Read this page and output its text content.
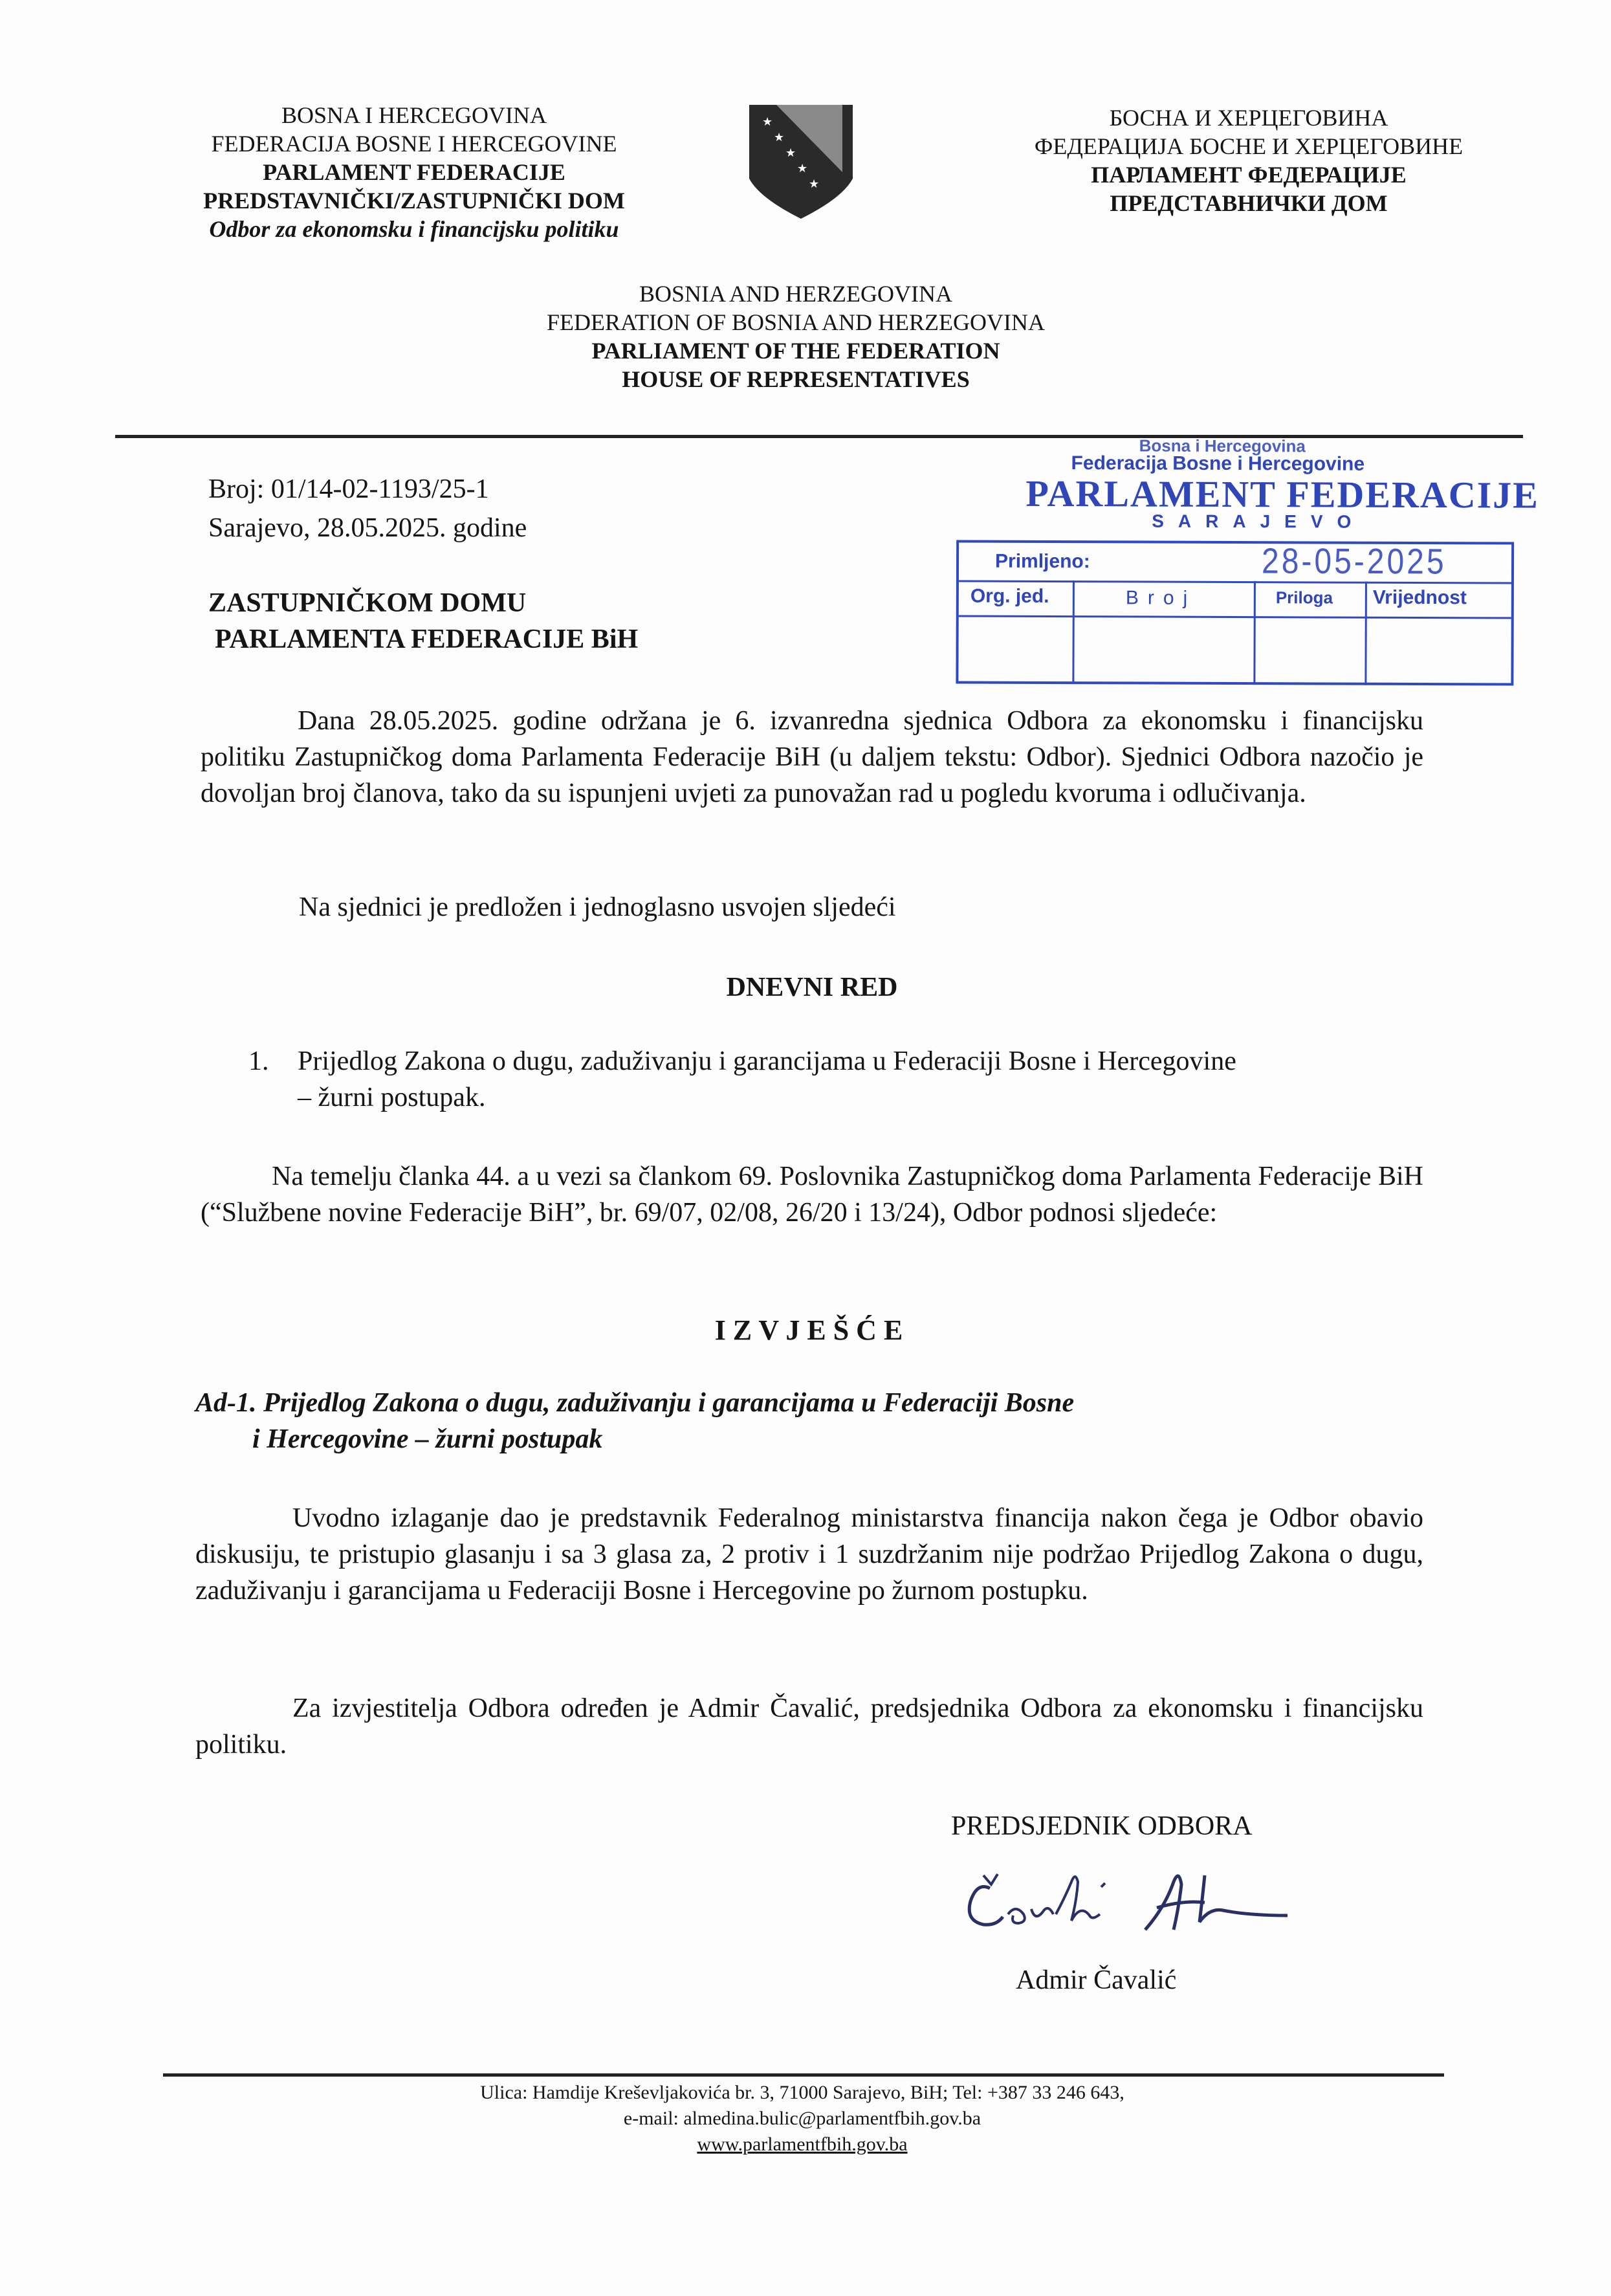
BOSNA I HERCEGOVINA
FEDERACIJA BOSNE I HERCEGOVINE
PARLAMENT FEDERACIJE
PREDSTAVNIČKI/ZASTUPNIČKI DOM
Odbor za ekonomsku i financijsku politiku
★
★
★
★
★
БОСНА И ХЕРЦЕГОВИНА
ФЕДЕРАЦИЈА БОСНЕ И ХЕРЦЕГОВИНЕ
ПАРЛАМЕНТ ФЕДЕРАЦИЈЕ
ПРЕДСТАВНИЧКИ ДОМ
BOSNIA AND HERZEGOVINA
FEDERATION OF BOSNIA AND HERZEGOVINA
PARLIAMENT OF THE FEDERATION
HOUSE OF REPRESENTATIVES
Broj: 01/14-02-1193/25-1
Sarajevo, 28.05.2025. godine
ZASTUPNIČKOM DOMU
PARLAMENTA FEDERACIJE BiH
Bosna i Hercegovina
Federacija Bosne i Hercegovine
PARLAMENT FEDERACIJE
SARAJEVO
Primljeno:	28-05-2025
Org. jed.	Broj	Priloga Vrijednost
Dana 28.05.2025. godine održana je 6. izvanredna sjednica Odbora za ekonomsku i financijsku politiku Zastupničkog doma Parlamenta Federacije BiH (u daljem tekstu: Odbor). Sjednici Odbora nazočio je dovoljan broj članova, tako da su ispunjeni uvjeti za punovažan rad u pogledu kvoruma i odlučivanja.
Na sjednici je predložen i jednoglasno usvojen sljedeći
DNEVNI RED
1. Prijedlog Zakona o dugu, zaduživanju i garancijama u Federaciji Bosne i Hercegovine
– žurni postupak.
Na temelju članka 44. a u vezi sa člankom 69. Poslovnika Zastupničkog doma Parlamenta Federacije BiH (“Službene novine Federacije BiH”, br. 69/07, 02/08, 26/20 i 13/24), Odbor podnosi sljedeće:
I Z V J E Š Ć E
Ad-1. Prijedlog Zakona o dugu, zaduživanju i garancijama u Federaciji Bosne
i Hercegovine – žurni postupak
Uvodno izlaganje dao je predstavnik Federalnog ministarstva financija nakon čega je Odbor obavio diskusiju, te pristupio glasanju i sa 3 glasa za, 2 protiv i 1 suzdržanim nije podržao Prijedlog Zakona o dugu, zaduživanju i garancijama u Federaciji Bosne i Hercegovine po žurnom postupku.
Za izvjestitelja Odbora određen je Admir Čavalić, predsjednika Odbora za ekonomsku i financijsku politiku.
PREDSJEDNIK ODBORA
Admir Čavalić
Ulica: Hamdije Kreševljakovića br. 3, 71000 Sarajevo, BiH; Tel: +387 33 246 643,
e-mail: almedina.bulic@parlamentfbih.gov.ba
www.parlamentfbih.gov.ba
